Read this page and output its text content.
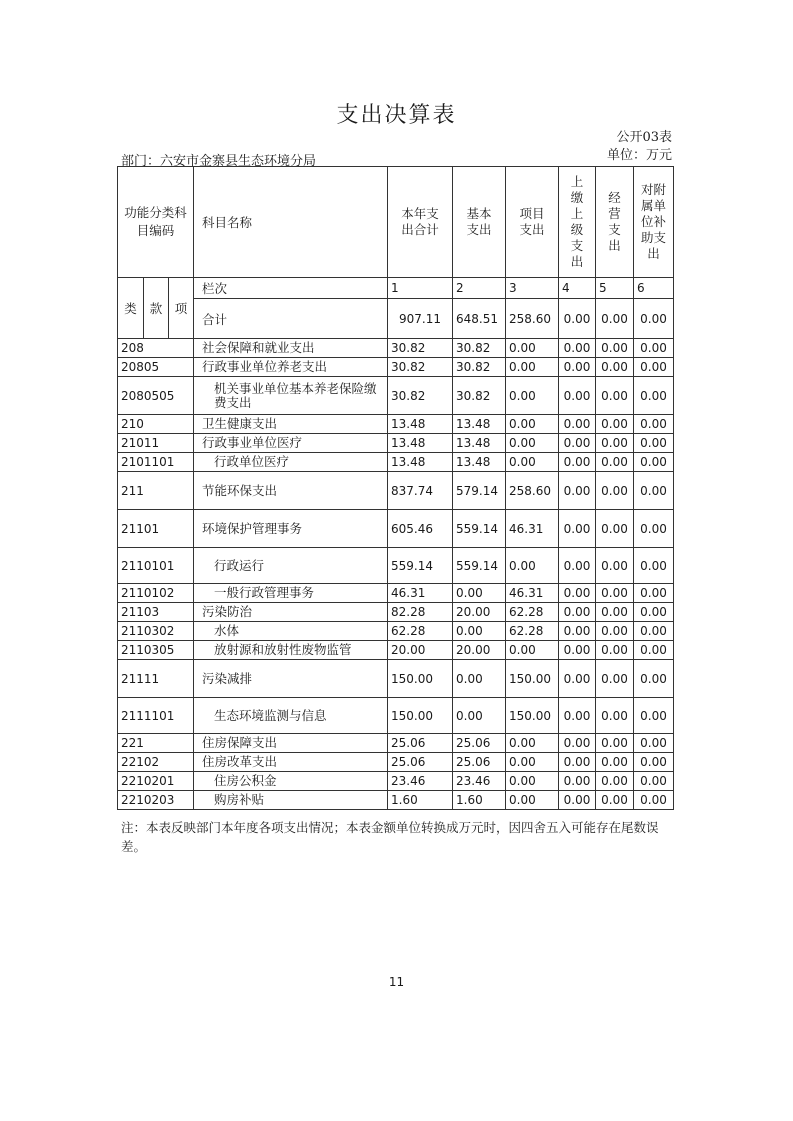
支出决算表
公开03表
部门：六安市金寨县生态环境分局	单位：万元
功能分类科目编码			科目名称	本年支出合计	基本支出	项目支出	上缴上级支出	经营支出	对附属单位补助支出
类	款	项	栏次	1	2	3	4	5	6
			合计	907.11	648.51	258.60	0.00	0.00	0.00
208			社会保障和就业支出	30.82	30.82	0.00	0.00	0.00	0.00
20805			行政事业单位养老支出	30.82	30.82	0.00	0.00	0.00	0.00
2080505			机关事业单位基本养老保险缴费支出	30.82	30.82	0.00	0.00	0.00	0.00
210			卫生健康支出	13.48	13.48	0.00	0.00	0.00	0.00
21011			行政事业单位医疗	13.48	13.48	0.00	0.00	0.00	0.00
2101101			行政单位医疗	13.48	13.48	0.00	0.00	0.00	0.00
211			节能环保支出	837.74	579.14	258.60	0.00	0.00	0.00
21101			环境保护管理事务	605.46	559.14	46.31	0.00	0.00	0.00
2110101			行政运行	559.14	559.14	0.00	0.00	0.00	0.00
2110102			一般行政管理事务	46.31	0.00	46.31	0.00	0.00	0.00
21103			污染防治	82.28	20.00	62.28	0.00	0.00	0.00
2110302			水体	62.28	0.00	62.28	0.00	0.00	0.00
2110305			放射源和放射性废物监管	20.00	20.00	0.00	0.00	0.00	0.00
21111			污染减排	150.00	0.00	150.00	0.00	0.00	0.00
2111101			生态环境监测与信息	150.00	0.00	150.00	0.00	0.00	0.00
221			住房保障支出	25.06	25.06	0.00	0.00	0.00	0.00
22102			住房改革支出	25.06	25.06	0.00	0.00	0.00	0.00
2210201			住房公积金	23.46	23.46	0.00	0.00	0.00	0.00
2210203			购房补贴	1.60	1.60	0.00	0.00	0.00	0.00
注：本表反映部门本年度各项支出情况；本表金额单位转换成万元时，因四舍五入可能存在尾数误差。
11
